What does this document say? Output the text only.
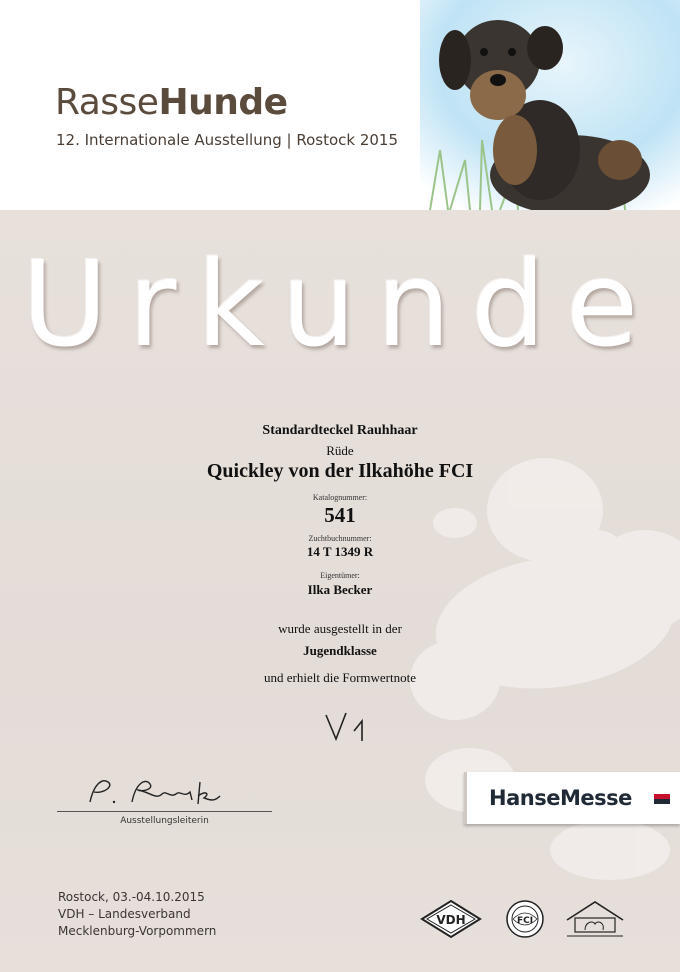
RasseHunde
12. Internationale Ausstellung | Rostock 2015
Urkunde
Standardteckel Rauhhaar
Rüde
Quickley von der Ilkahöhe FCI
Katalognummer:
541
Zuchtbuchnummer:
14 T 1349 R
Eigentümer:
Ilka Becker
wurde ausgestellt in der
Jugendklasse
und erhielt die Formwertnote
Ausstellungsleiterin
HanseMesse
Rostock, 03.-04.10.2015
VDH – Landesverband
Mecklenburg-Vorpommern
VDH	FCI
